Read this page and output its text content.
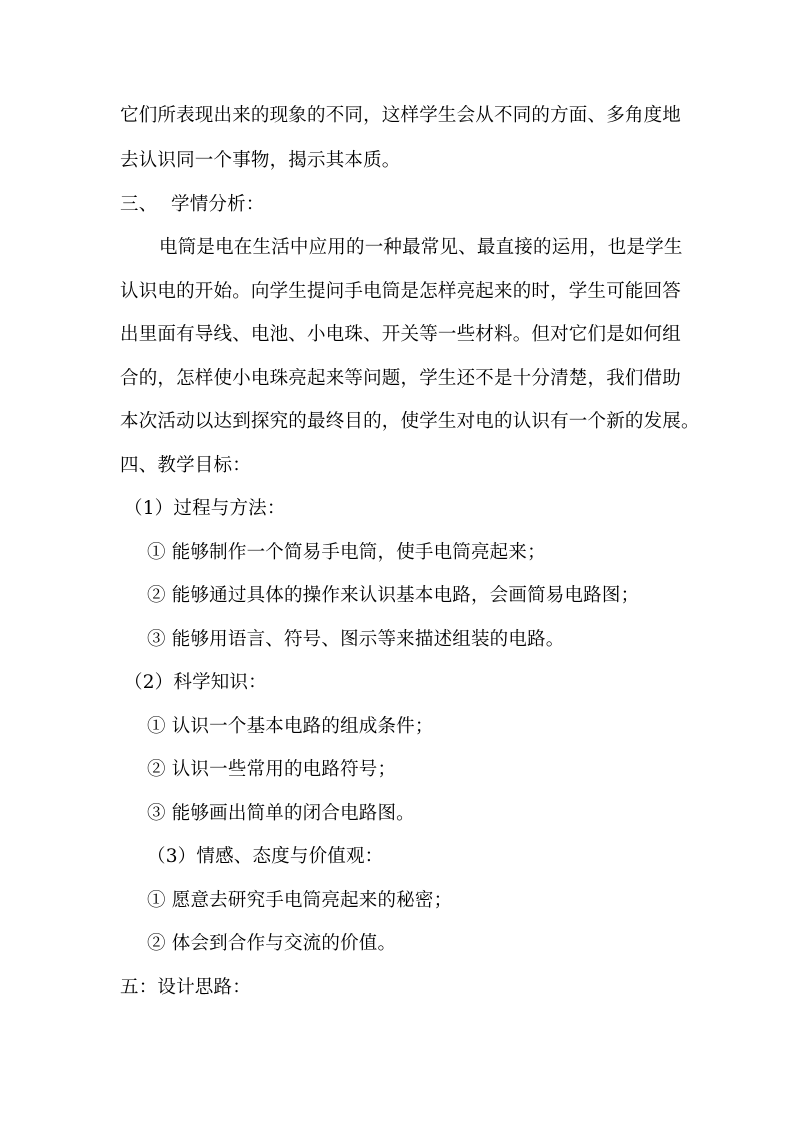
它们所表现出来的现象的不同，这样学生会从不同的方面、多角度地
去认识同一个事物，揭示其本质。
三、 学情分析：
电筒是电在生活中应用的一种最常见、最直接的运用，也是学生
认识电的开始。向学生提问手电筒是怎样亮起来的时，学生可能回答
出里面有导线、电池、小电珠、开关等一些材料。但对它们是如何组
合的，怎样使小电珠亮起来等问题，学生还不是十分清楚，我们借助
本次活动以达到探究的最终目的，使学生对电的认识有一个新的发展。
四、教学目标：
（1）过程与方法：
① 能够制作一个简易手电筒，使手电筒亮起来；
② 能够通过具体的操作来认识基本电路，会画简易电路图；
③ 能够用语言、符号、图示等来描述组装的电路。
（2）科学知识：
① 认识一个基本电路的组成条件；
② 认识一些常用的电路符号；
③ 能够画出简单的闭合电路图。
（3）情感、态度与价值观：
① 愿意去研究手电筒亮起来的秘密；
② 体会到合作与交流的价值。
五：设计思路：
